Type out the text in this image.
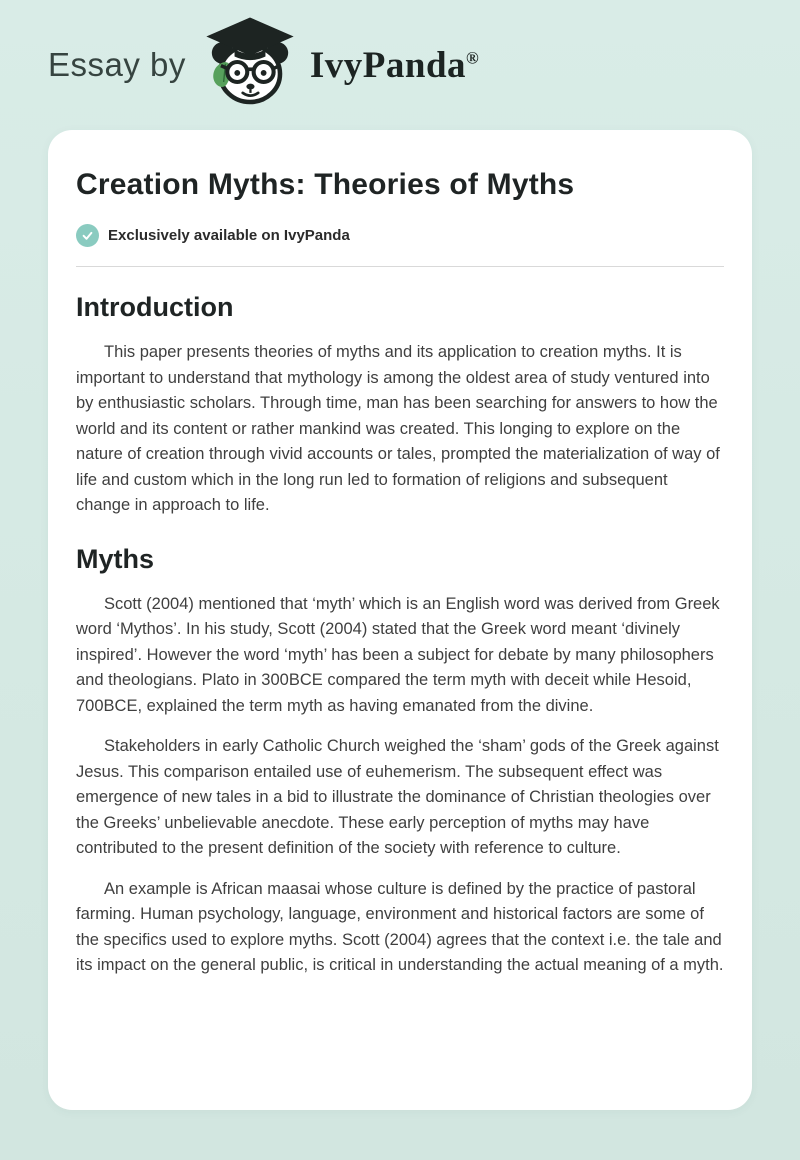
Essay by	IvyPanda®
Creation Myths: Theories of Myths
Exclusively available on IvyPanda
Introduction

This paper presents theories of myths and its application to creation myths. It is important to understand that mythology is among the oldest area of study ventured into by enthusiastic scholars. Through time, man has been searching for answers to how the world and its content or rather mankind was created. This longing to explore on the nature of creation through vivid accounts or tales, prompted the materialization of way of life and custom which in the long run led to formation of religions and subsequent change in approach to life.

Myths

Scott (2004) mentioned that ‘myth’ which is an English word was derived from Greek word ‘Mythos’. In his study, Scott (2004) stated that the Greek word meant ‘divinely inspired’. However the word ‘myth’ has been a subject for debate by many philosophers and theologians. Plato in 300BCE compared the term myth with deceit while Hesoid, 700BCE, explained the term myth as having emanated from the divine.

Stakeholders in early Catholic Church weighed the ‘sham’ gods of the Greek against Jesus. This comparison entailed use of euhemerism. The subsequent effect was emergence of new tales in a bid to illustrate the dominance of Christian theologies over the Greeks’ unbelievable anecdote. These early perception of myths may have contributed to the present definition of the society with reference to culture.

An example is African maasai whose culture is defined by the practice of pastoral farming. Human psychology, language, environment and historical factors are some of the specifics used to explore myths. Scott (2004) agrees that the context i.e. the tale and its impact on the general public, is critical in understanding the actual meaning of a myth.
